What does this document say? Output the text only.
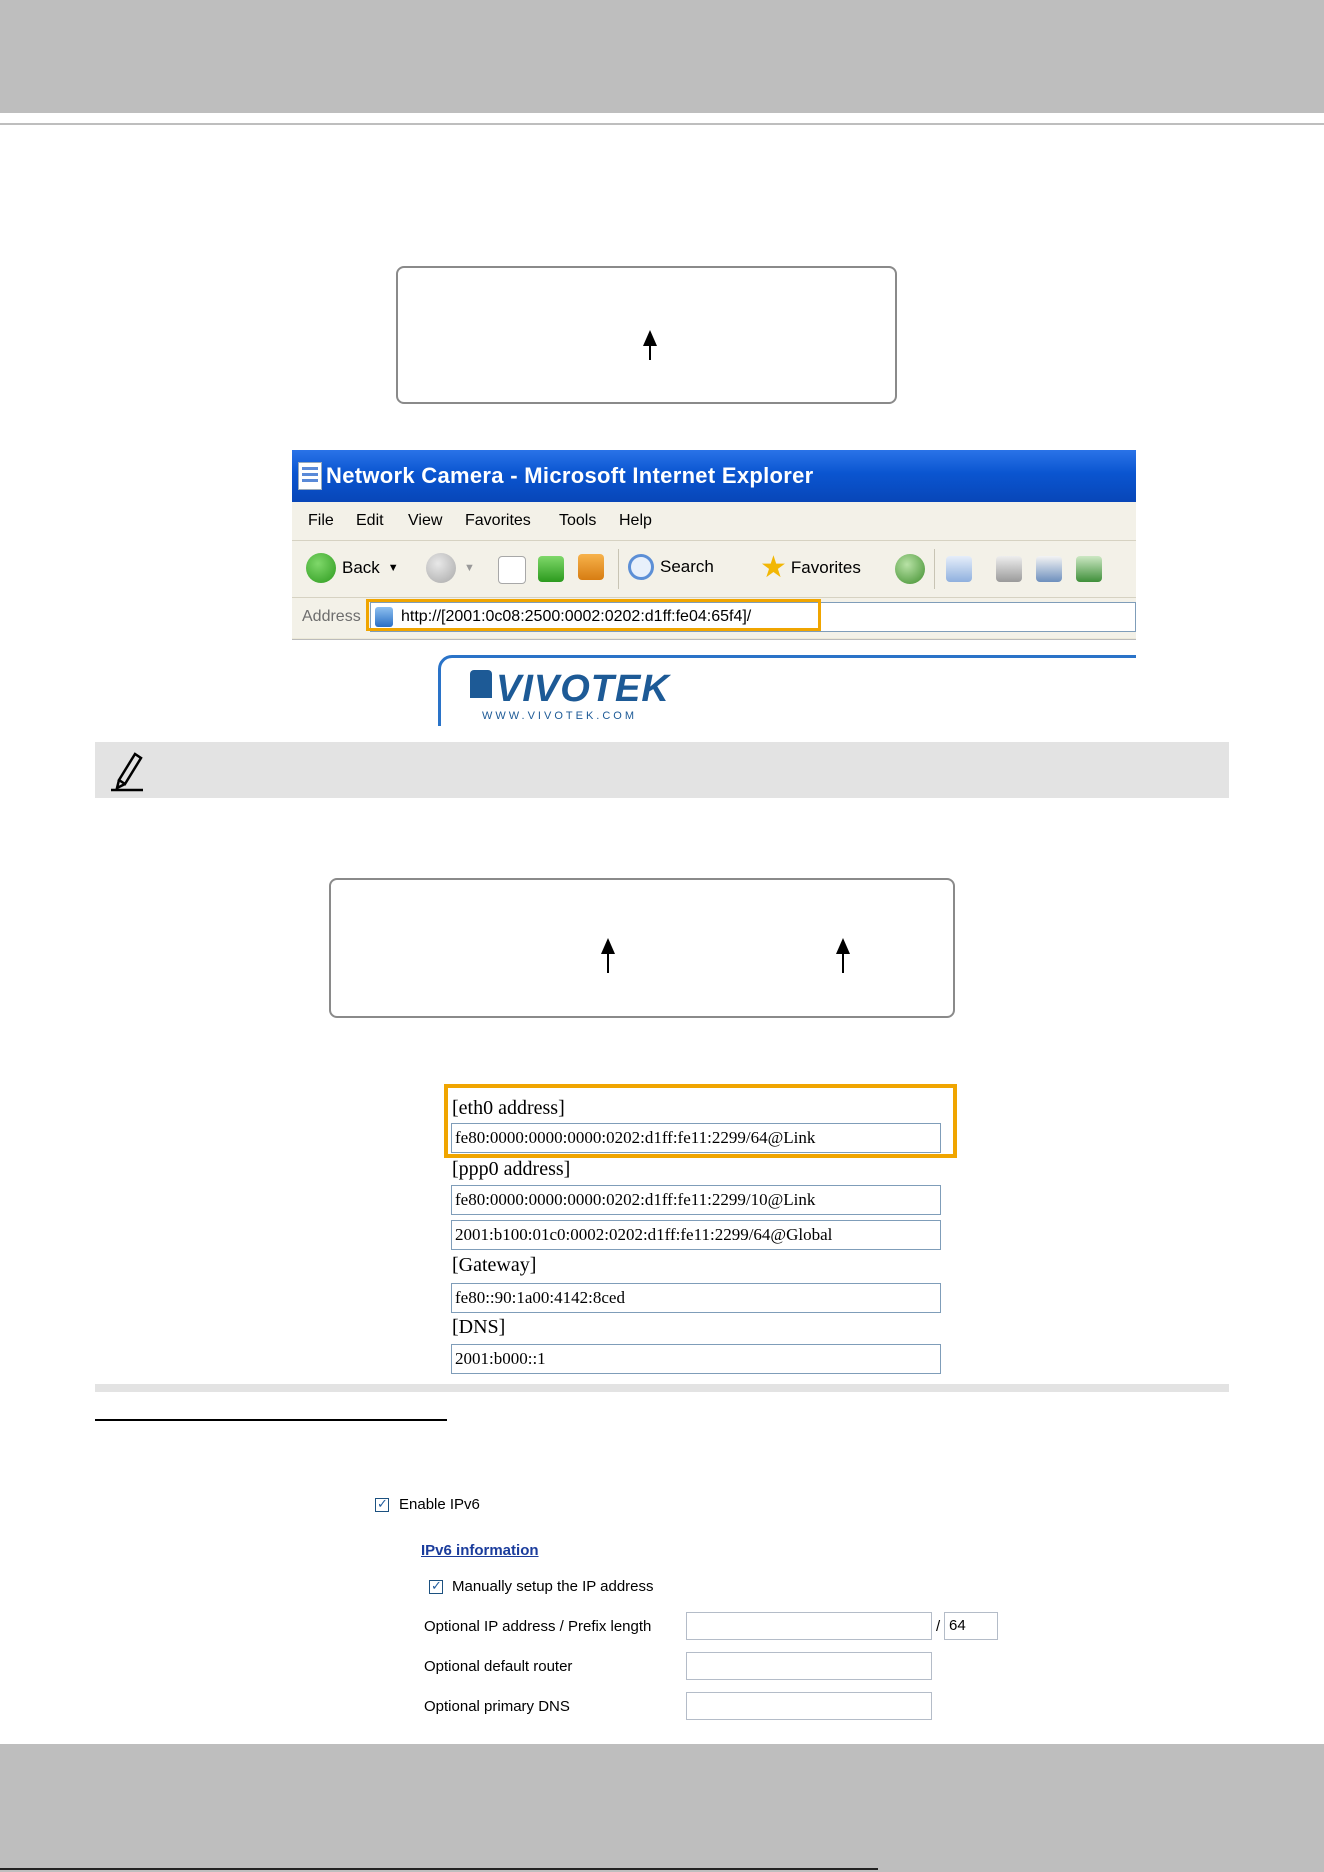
Network Camera - Microsoft Internet Explorer
File Edit View Favorites Tools Help
Back ▼	▼	Search ★ Favorites
Address	http://[2001:0c08:2500:0002:0202:d1ff:fe04:65f4]/
VIVOTEK
WWW.VIVOTEK.COM
[eth0 address]
fe80:0000:0000:0000:0202:d1ff:fe11:2299/64@Link
[ppp0 address]
fe80:0000:0000:0000:0202:d1ff:fe11:2299/10@Link
2001:b100:01c0:0002:0202:d1ff:fe11:2299/64@Global
[Gateway]
fe80::90:1a00:4142:8ced
[DNS]
2001:b000::1
✓
Enable IPv6
IPv6 information
✓
Manually setup the IP address
Optional IP address / Prefix length	/ 64
Optional default router
Optional primary DNS
